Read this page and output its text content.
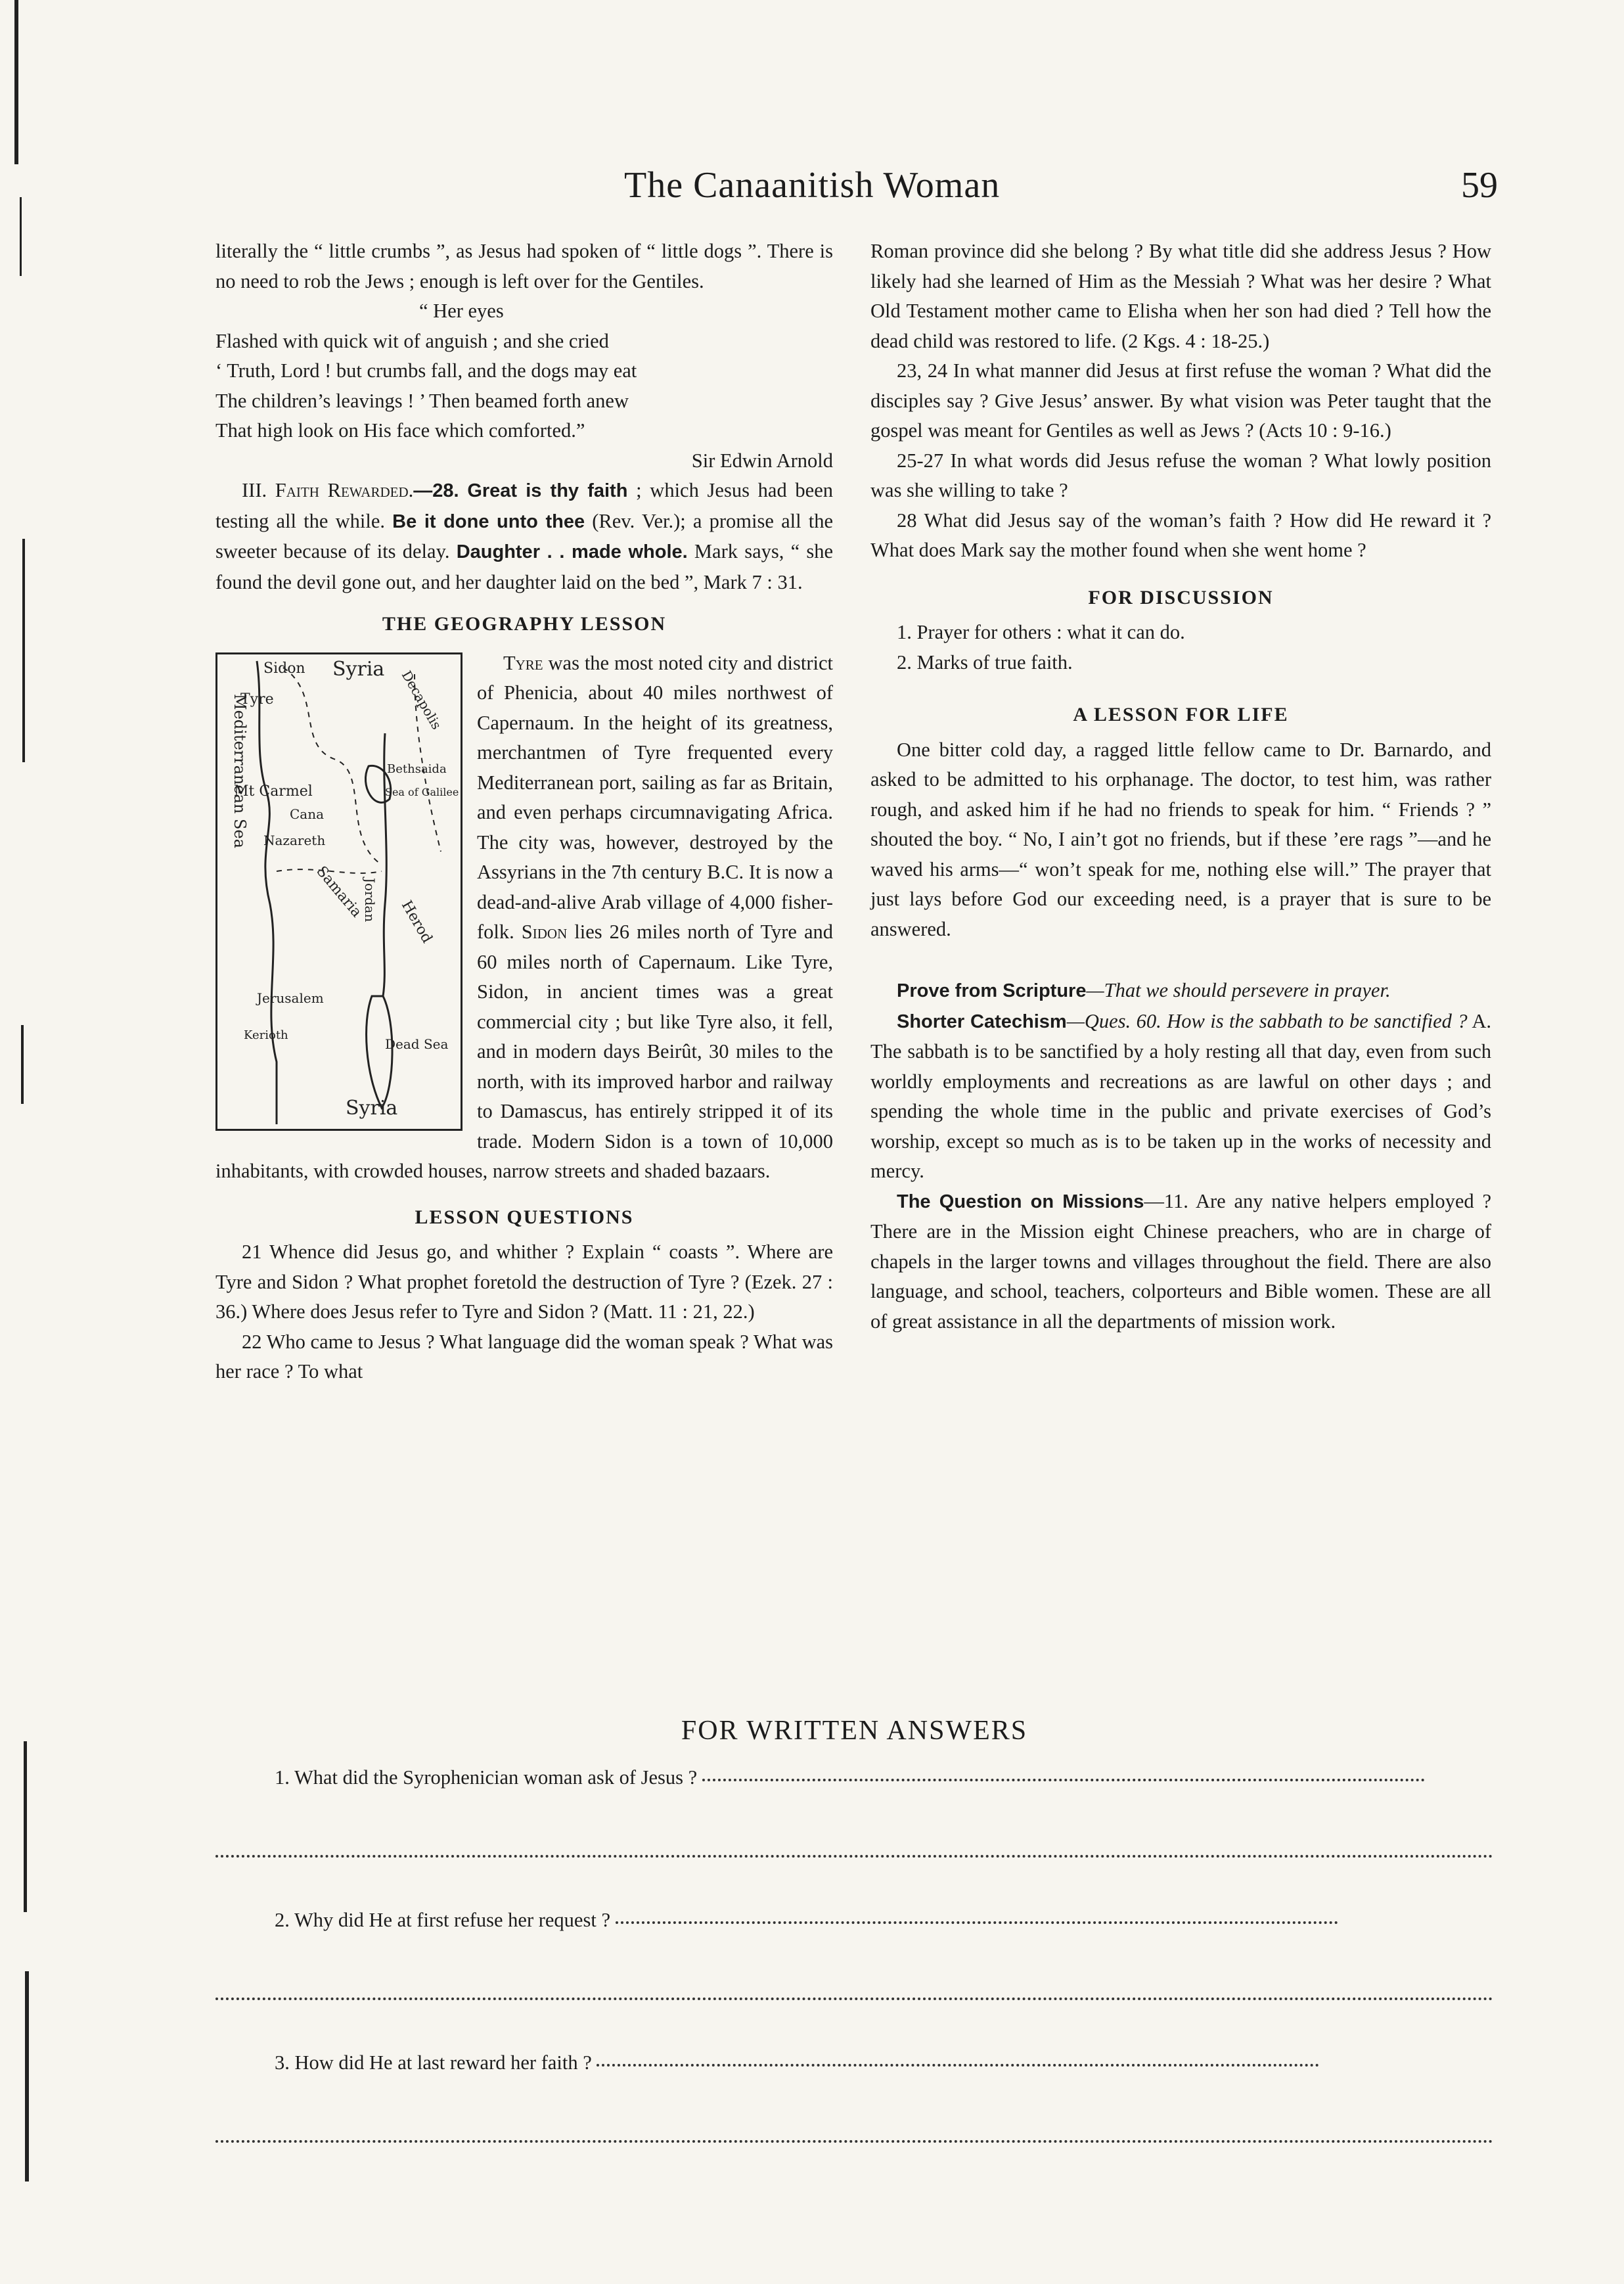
The Canaanitish Woman	59

literally the “ little crumbs ”, as Jesus had spoken of “ little dogs ”. There is no need to rob the Jews ; enough is left over for the Gentiles.

“ Her eyes
Flashed with quick wit of anguish ; and she cried
‘ Truth, Lord ! but crumbs fall, and the dogs may eat
The children’s leavings ! ’ Then beamed forth anew
That high look on His face which comforted.”

Sir Edwin Arnold

III. Faith Rewarded.—28. Great is thy faith ; which Jesus had been testing all the while. Be it done unto thee (Rev. Ver.); a promise all the sweeter because of its delay. Daughter . . made whole. Mark says, “ she found the devil gone out, and her daughter laid on the bed ”, Mark 7 : 31.

THE GEOGRAPHY LESSON
Sidon Syria
Tyre
Mediterranean Sea
Mt Carmel
Cana
Nazareth
Bethsaida
Sea of Galilee
Decapolis
Samaria
Jordan Herod
Jerusalem
Dead Sea
Kerioth
Syria

Tyre was the most noted city and district of Phenicia, about 40 miles northwest of Capernaum. In the height of its greatness, merchantmen of Tyre frequented every Mediterranean port, sailing as far as Britain, and even perhaps circumnavigating Africa. The city was, however, destroyed by the Assyrians in the 7th century B.C. It is now a dead-and-alive Arab village of 4,000 fisher-folk. Sidon lies 26 miles north of Tyre and 60 miles north of Capernaum. Like Tyre, Sidon, in ancient times was a great commercial city ; but like Tyre also, it fell, and in modern days Beirût, 30 miles to the north, with its improved harbor and railway to Damascus, has entirely stripped it of its trade. Modern Sidon is a town of 10,000 inhabitants, with crowded houses, narrow streets and shaded bazaars.

LESSON QUESTIONS

21 Whence did Jesus go, and whither ? Explain “ coasts ”. Where are Tyre and Sidon ? What prophet foretold the destruction of Tyre ? (Ezek. 27 : 36.) Where does Jesus refer to Tyre and Sidon ? (Matt. 11 : 21, 22.)

22 Who came to Jesus ? What language did the woman speak ? What was her race ? To what

Roman province did she belong ? By what title did she address Jesus ? How likely had she learned of Him as the Messiah ? What was her desire ? What Old Testament mother came to Elisha when her son had died ? Tell how the dead child was restored to life. (2 Kgs. 4 : 18-25.)

23, 24 In what manner did Jesus at first refuse the woman ? What did the disciples say ? Give Jesus’ answer. By what vision was Peter taught that the gospel was meant for Gentiles as well as Jews ? (Acts 10 : 9-16.)

25-27 In what words did Jesus refuse the woman ? What lowly position was she willing to take ?

28 What did Jesus say of the woman’s faith ? How did He reward it ? What does Mark say the mother found when she went home ?

FOR DISCUSSION

1. Prayer for others : what it can do.

2. Marks of true faith.

A LESSON FOR LIFE

One bitter cold day, a ragged little fellow came to Dr. Barnardo, and asked to be admitted to his orphanage. The doctor, to test him, was rather rough, and asked him if he had no friends to speak for him. “ Friends ? ” shouted the boy. “ No, I ain’t got no friends, but if these ’ere rags ”—and he waved his arms—“ won’t speak for me, nothing else will.” The prayer that just lays before God our exceeding need, is a prayer that is sure to be answered.

Prove from Scripture—That we should persevere in prayer.

Shorter Catechism—Ques. 60. How is the sabbath to be sanctified ? A. The sabbath is to be sanctified by a holy resting all that day, even from such worldly employments and recreations as are lawful on other days ; and spending the whole time in the public and private exercises of God’s worship, except so much as is to be taken up in the works of necessity and mercy.

The Question on Missions—11. Are any native helpers employed ? There are in the Mission eight Chinese preachers, who are in charge of chapels in the larger towns and villages throughout the field. There are also language, and school, teachers, colporteurs and Bible women. These are all of great assistance in all the departments of mission work.

FOR WRITTEN ANSWERS
1. What did the Syrophenician woman ask of Jesus ?
2. Why did He at first refuse her request ?
3. How did He at last reward her faith ?
